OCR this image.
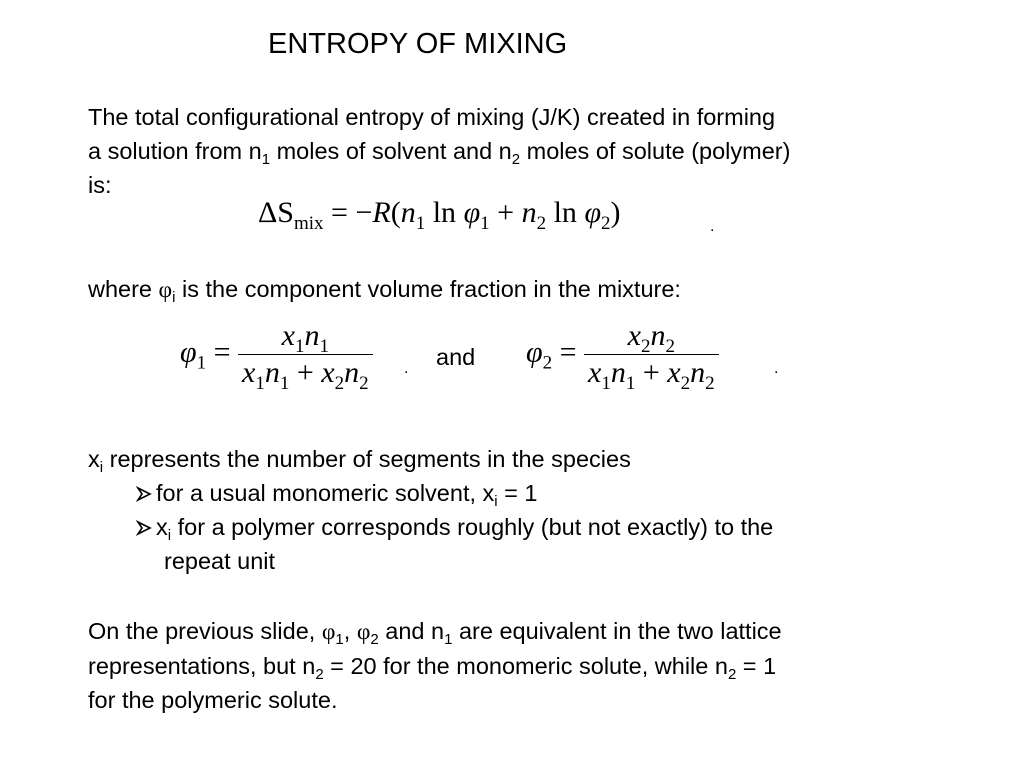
ENTROPY OF MIXING
The total configurational entropy of mixing (J/K) created in forming
a solution from $n_1$ moles of solvent and $n_2$ moles of solute (polymer)
is:
$\Delta S_{mix} = -R(n_1$ $\ln \varphi_1 + n_2$ $\ln \varphi_2$)	.
where $\varphi_i$ is the component volume fraction in the mixture:
$\varphi_1 = \frac{x_1n_1}{x_1n_1 + x_2n_2}$ . and $\varphi_2 = \frac{x_2n_2}{x_1n_1 + x_2n_2}$	.
$x_i$ represents the number of segments in the species
for a usual monomeric solvent, $x_i = 1$
$x_i$ for a polymer corresponds roughly (but not exactly) to the
repeat unit
On the previous slide, $\varphi_1$, $\varphi_2$ and $n_1$ are equivalent in the two lattice
representations, but $n_2 = 20$ for the monomeric solute, while $n_2 = 1$
for the polymeric solute.
